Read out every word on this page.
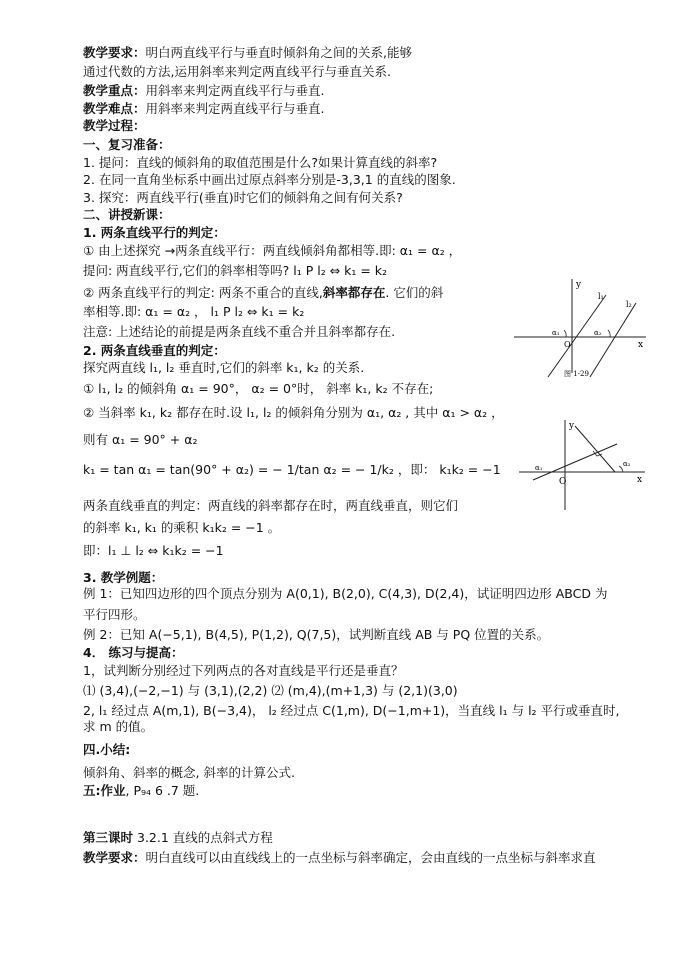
教学要求：明白两直线平行与垂直时倾斜角之间的关系,能够
通过代数的方法,运用斜率来判定两直线平行与垂直关系.
教学重点：用斜率来判定两直线平行与垂直.
教学难点：用斜率来判定两直线平行与垂直.
教学过程：
一、复习准备：
1. 提问：直线的倾斜角的取值范围是什么?如果计算直线的斜率?
2. 在同一直角坐标系中画出过原点斜率分别是-3,3,1 的直线的图象.
3. 探究：两直线平行(垂直)时它们的倾斜角之间有何关系?
二、讲授新课：
1. 两条直线平行的判定：
① 由上述探究 →两条直线平行：两直线倾斜角都相等.即: α₁ = α₂ ，
提问: 两直线平行,它们的斜率相等吗? l₁ P l₂ ⇔ k₁ = k₂
② 两条直线平行的判定: 两条不重合的直线,斜率都存在. 它们的斜
率相等.即: α₁ = α₂ ， l₁ P l₂ ⇔ k₁ = k₂
注意: 上述结论的前提是两条直线不重合并且斜率都存在.
2. 两条直线垂直的判定：
探究两直线 l₁, l₂ 垂直时,它们的斜率 k₁, k₂ 的关系.
① l₁, l₂ 的倾斜角 α₁ = 90°， α₂ = 0°时， 斜率 k₁, k₂ 不存在;
② 当斜率 k₁, k₂ 都存在时.设 l₁, l₂ 的倾斜角分别为 α₁, α₂ , 其中 α₁ > α₂ ，
则有 α₁ = 90° + α₂
k₁ = tan α₁ = tan(90° + α₂) = − 1/tan α₂ = − 1/k₂ ，即： k₁k₂ = −1
两条直线垂直的判定：两直线的斜率都存在时，两直线垂直，则它们
的斜率 k₁, k₁ 的乘积 k₁k₂ = −1 。
即：l₁ ⊥ l₂ ⇔ k₁k₂ = −1
3. 教学例题：
例 1：已知四边形的四个顶点分别为 A(0,1), B(2,0), C(4,3), D(2,4)，试证明四边形 ABCD 为
平行四形。
例 2：已知 A(−5,1), B(4,5), P(1,2), Q(7,5)，试判断直线 AB 与 PQ 位置的关系。
4． 练习与提高：
1，试判断分别经过下列两点的各对直线是平行还是垂直？
⑴ (3,4),(−2,−1) 与 (3,1),(2,2) ⑵ (m,4),(m+1,3) 与 (2,1)(3,0)
2, l₁ 经过点 A(m,1), B(−3,4)， l₂ 经过点 C(1,m), D(−1,m+1)，当直线 l₁ 与 l₂ 平行或垂直时,
求 m 的值。
四.小结:
倾斜角、斜率的概念, 斜率的计算公式.
五:作业, P₉₄ 6 .7 题.
第三课时 3.2.1 直线的点斜式方程
教学要求：明白直线可以由直线线上的一点坐标与斜率确定，会由直线的一点坐标与斜率求直
y
x
O
l₁
l₂
α₁	α₂
图 1-29
y
x
O
α₁	α₂
